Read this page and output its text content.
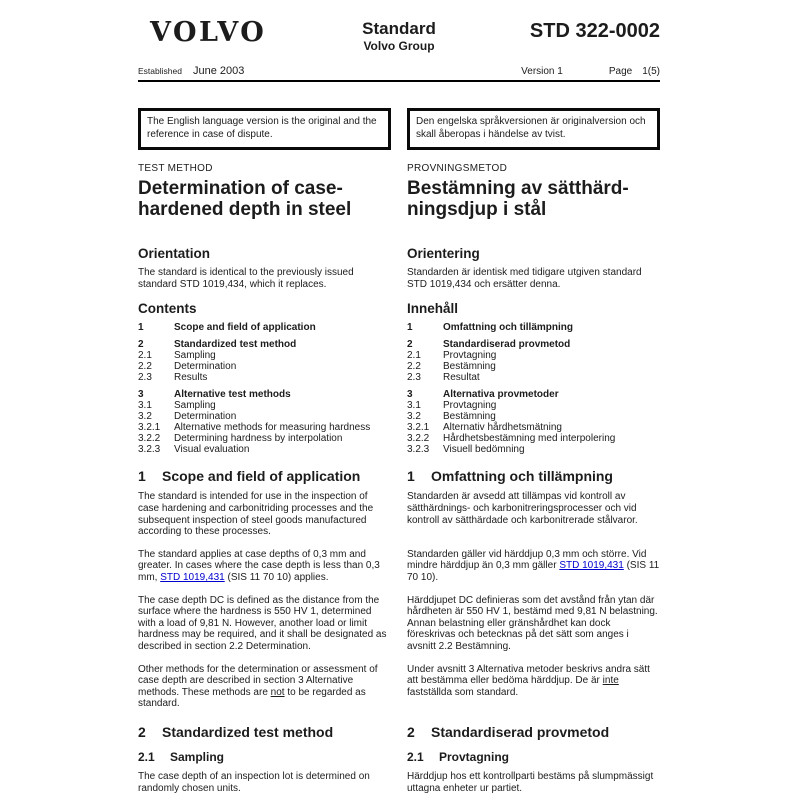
VOLVO	Standard
Volvo Group
STD 322-0002
Established June 2003	Version 1	Page 1(5)
The English language version is the original and the reference in case of dispute.
Den engelska språkversionen är originalversion och skall åberopas i händelse av tvist.
TEST METHOD	PROVNINGSMETOD
Determination of case-
hardened depth in steel
Bestämning av sätthärd-
ningsdjup i stål
Orientation	Orientering
The standard is identical to the previously issued standard STD 1019,434, which it replaces.
Standarden är identisk med tidigare utgiven standard STD 1019,434 och ersätter denna.
Contents	Innehåll
1	Scope and field of application
2	Standardized test method
2.1	Sampling
2.2	Determination
2.3	Results
3	Alternative test methods
3.1	Sampling
3.2	Determination
3.2.1	Alternative methods for measuring hardness
3.2.2	Determining hardness by interpolation
3.2.3	Visual evaluation
1	Omfattning och tillämpning
2	Standardiserad provmetod
2.1	Provtagning
2.2	Bestämning
2.3	Resultat
3	Alternativa provmetoder
3.1	Provtagning
3.2	Bestämning
3.2.1	Alternativ hårdhetsmätning
3.2.2	Hårdhetsbestämning med interpolering
3.2.3	Visuell bedömning
1	Scope and field of application	1	Omfattning och tillämpning
The standard is intended for use in the inspection of case hardening and carbonitriding processes and the subsequent inspection of steel goods manufactured according to these processes.
Standarden är avsedd att tillämpas vid kontroll av sätthärdnings- och karbonitreringsprocesser och vid kontroll av sätthärdade och karbonitrerade stålvaror.
The standard applies at case depths of 0,3 mm and greater. In cases where the case depth is less than 0,3 mm, STD 1019,431 (SIS 11 70 10) applies.
Standarden gäller vid härddjup 0,3 mm och större. Vid mindre härddjup än 0,3 mm gäller STD 1019,431 (SIS 11 70 10).
The case depth DC is defined as the distance from the surface where the hardness is 550 HV 1, determined with a load of 9,81 N. However, another load or limit hardness may be required, and it shall be designated as described in section 2.2 Determination.
Härddjupet DC definieras som det avstånd från ytan där hårdheten är 550 HV 1, bestämd med 9,81 N belastning. Annan belastning eller gränshårdhet kan dock föreskrivas och betecknas på det sätt som anges i avsnitt 2.2 Bestämning.
Other methods for the determination or assessment of case depth are described in section 3 Alternative methods. These methods are not to be regarded as standard.
Under avsnitt 3 Alternativa metoder beskrivs andra sätt att bestämma eller bedöma härddjup. De är inte fastställda som standard.
2	Standardized test method	2	Standardiserad provmetod
2.1	Sampling	2.1	Provtagning
The case depth of an inspection lot is determined on randomly chosen units.
Härddjup hos ett kontrollparti bestäms på slumpmässigt uttagna enheter ur partiet.
